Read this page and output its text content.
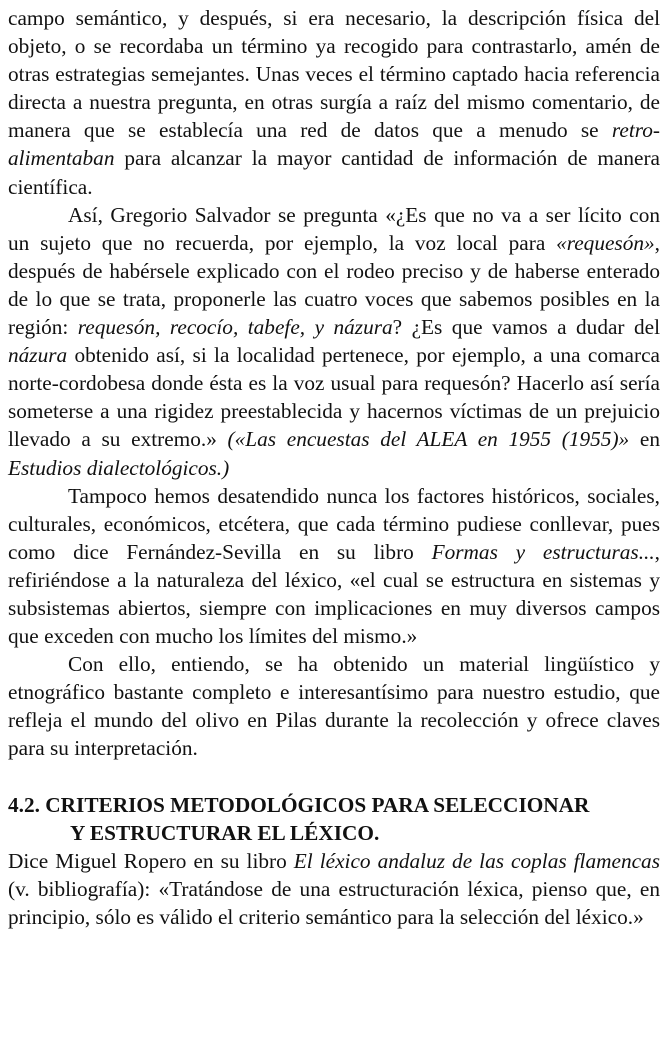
campo semántico, y después, si era necesario, la descripción física del objeto, o se recordaba un término ya recogido para contrastarlo, amén de otras estrategias semejantes. Unas veces el término captado hacia referencia directa a nuestra pregunta, en otras surgía a raíz del mismo comentario, de manera que se establecía una red de datos que a menudo se retro-alimentaban para alcanzar la mayor cantidad de información de manera científica.

Así, Gregorio Salvador se pregunta «¿Es que no va a ser lícito con un sujeto que no recuerda, por ejemplo, la voz local para «requesón», después de habérsele explicado con el rodeo preciso y de haberse enterado de lo que se trata, proponerle las cuatro voces que sabemos posibles en la región: requesón, recocío, tabefe, y názura? ¿Es que vamos a dudar del názura obtenido así, si la localidad pertenece, por ejemplo, a una comarca norte-cordobesa donde ésta es la voz usual para requesón? Hacerlo así sería someterse a una rigidez preestablecida y hacernos víctimas de un prejuicio llevado a su extremo.» («Las encuestas del ALEA en 1955 (1955)» en Estudios dialectológicos.)

Tampoco hemos desatendido nunca los factores históricos, sociales, culturales, económicos, etcétera, que cada término pudiese conllevar, pues como dice Fernández-Sevilla en su libro Formas y estructuras..., refiriéndose a la naturaleza del léxico, «el cual se estructura en sistemas y subsistemas abiertos, siempre con implicaciones en muy diversos campos que exceden con mucho los límites del mismo.»

Con ello, entiendo, se ha obtenido un material lingüístico y etnográfico bastante completo e interesantísimo para nuestro estudio, que refleja el mundo del olivo en Pilas durante la recolección y ofrece claves para su interpretación.

4.2. CRITERIOS METODOLÓGICOS PARA SELECCIONAR
Y ESTRUCTURAR EL LÉXICO.

Dice Miguel Ropero en su libro El léxico andaluz de las coplas flamencas (v. bibliografía): «Tratándose de una estructuración léxica, pienso que, en principio, sólo es válido el criterio semántico para la selección del léxico.»
